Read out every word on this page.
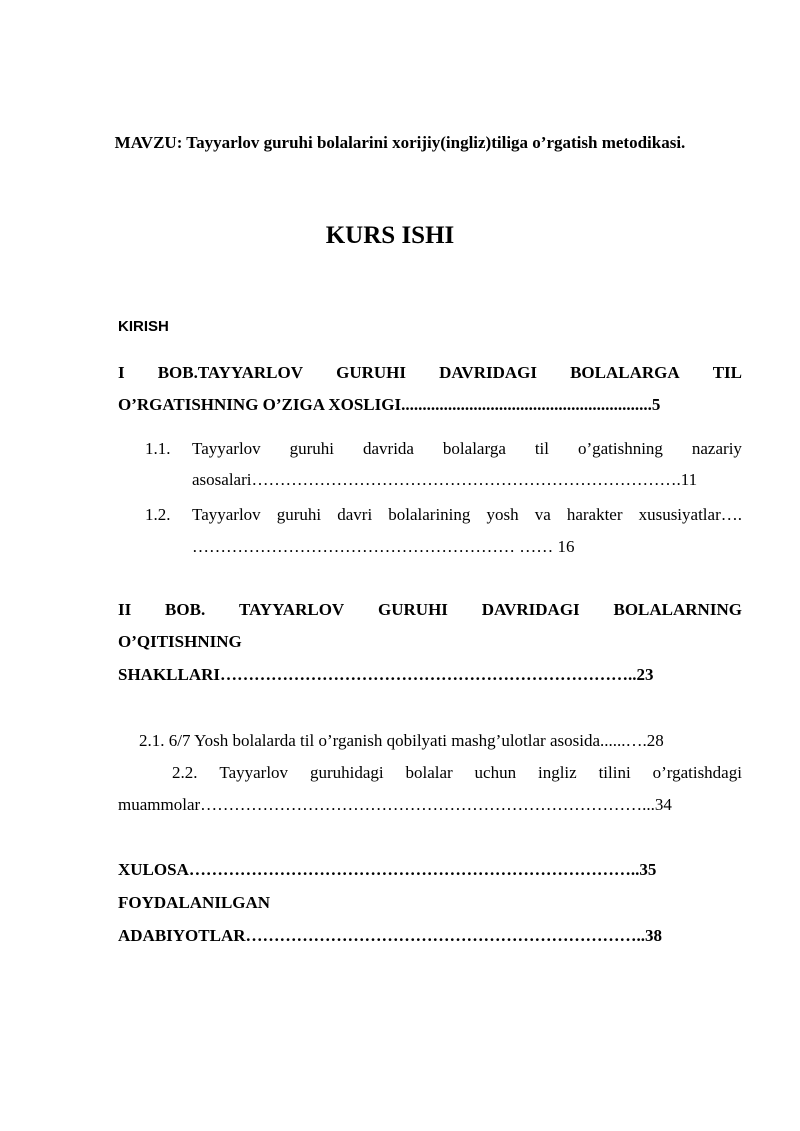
MAVZU: Tayyarlov guruhi bolalarini xorijiy(ingliz)tiliga o’rgatish metodikasi.
KURS ISHI
KIRISH
I BOB.TAYYARLOV GURUHI DAVRIDAGI BOLALARGA TIL
O’RGATISHNING O’ZIGA XOSLIGI...........................................................5
1.1. Tayyarlov guruhi davrida bolalarga til o’gatishning nazariy
asosalari………………………………………………………………….11
1.2. Tayyarlov guruhi davri bolalarining yosh va harakter xususiyatlar….
………………………………………………… …… 16
II BOB. TAYYARLOV GURUHI DAVRIDAGI BOLALARNING
O’QITISHNING
SHAKLLARI………………………………………………………………..23
2.1. 6/7 Yosh bolalarda til o’rganish qobilyati mashg’ulotlar asosida......….28
2.2. Tayyarlov guruhidagi bolalar uchun ingliz tilini o’rgatishdagi
muammolar……………………………………………………………………...34
XULOSA……………………………………………………………………..35
FOYDALANILGAN
ADABIYOTLAR……………………………………………………………..38
